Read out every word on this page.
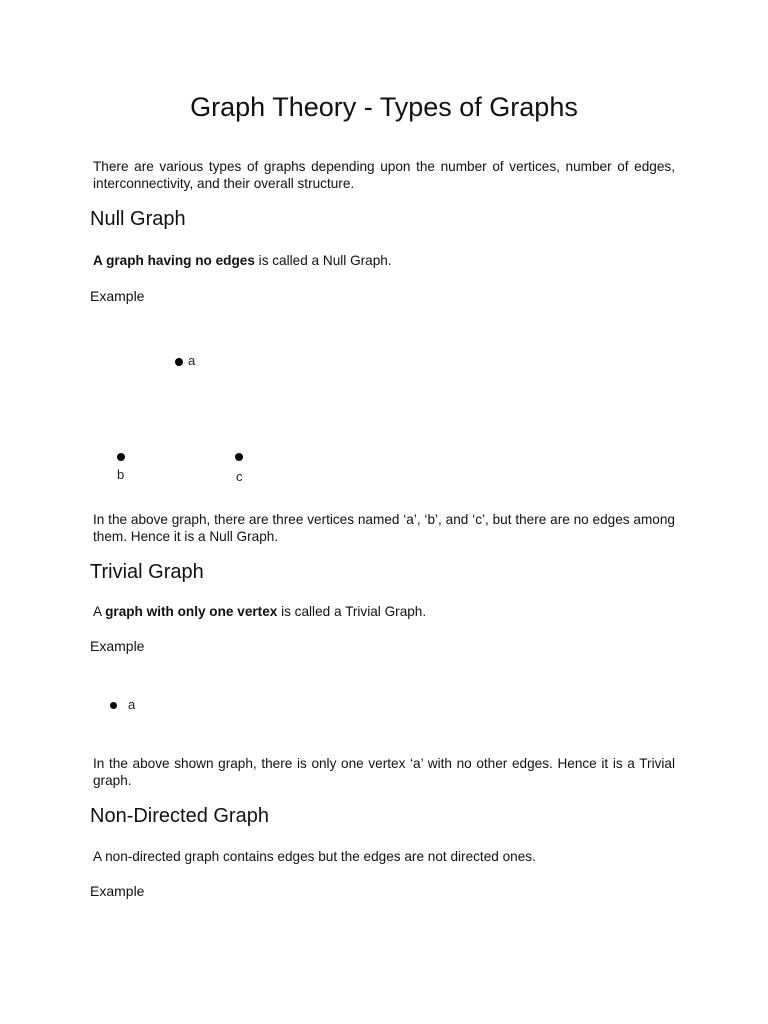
Graph Theory - Types of Graphs

There are various types of graphs depending upon the number of vertices, number of edges, interconnectivity, and their overall structure.

Null Graph

A graph having no edges is called a Null Graph.

Example

a
b	c

In the above graph, there are three vertices named ‘a’, ‘b’, and ‘c’, but there are no edges among them. Hence it is a Null Graph.

Trivial Graph

A graph with only one vertex is called a Trivial Graph.

Example

a

In the above shown graph, there is only one vertex ‘a’ with no other edges. Hence it is a Trivial graph.

Non-Directed Graph

A non-directed graph contains edges but the edges are not directed ones.

Example
